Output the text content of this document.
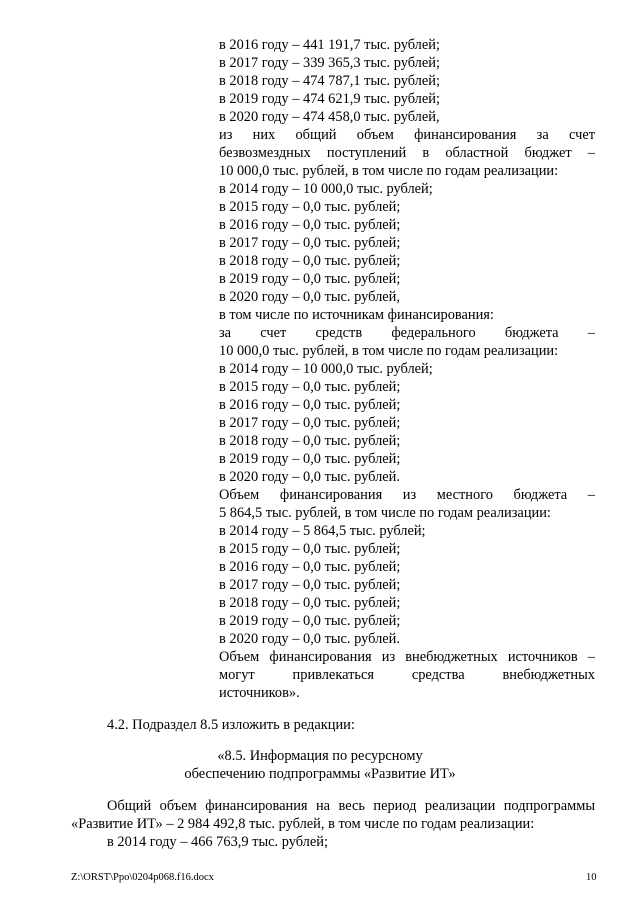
в 2016 году – 441 191,7 тыс. рублей;
в 2017 году – 339 365,3 тыс. рублей;
в 2018 году – 474 787,1 тыс. рублей;
в 2019 году – 474 621,9 тыс. рублей;
в 2020 году – 474 458,0 тыс. рублей,
из них общий объем финансирования за счет
безвозмездных поступлений в областной бюджет –
10 000,0 тыс. рублей, в том числе по годам реализации:
в 2014 году – 10 000,0 тыс. рублей;
в 2015 году – 0,0 тыс. рублей;
в 2016 году – 0,0 тыс. рублей;
в 2017 году – 0,0 тыс. рублей;
в 2018 году – 0,0 тыс. рублей;
в 2019 году – 0,0 тыс. рублей;
в 2020 году – 0,0 тыс. рублей,
в том числе по источникам финансирования:
за счет средств федерального бюджета –
10 000,0 тыс. рублей, в том числе по годам реализации:
в 2014 году – 10 000,0 тыс. рублей;
в 2015 году – 0,0 тыс. рублей;
в 2016 году – 0,0 тыс. рублей;
в 2017 году – 0,0 тыс. рублей;
в 2018 году – 0,0 тыс. рублей;
в 2019 году – 0,0 тыс. рублей;
в 2020 году – 0,0 тыс. рублей.
Объем финансирования из местного бюджета –
5 864,5 тыс. рублей, в том числе по годам реализации:
в 2014 году – 5 864,5 тыс. рублей;
в 2015 году – 0,0 тыс. рублей;
в 2016 году – 0,0 тыс. рублей;
в 2017 году – 0,0 тыс. рублей;
в 2018 году – 0,0 тыс. рублей;
в 2019 году – 0,0 тыс. рублей;
в 2020 году – 0,0 тыс. рублей.
Объем финансирования из внебюджетных источников –
могут привлекаться средства внебюджетных
источников».
4.2. Подраздел 8.5 изложить в редакции:
«8.5. Информация по ресурсному
обеспечению подпрограммы «Развитие ИТ»
Общий объем финансирования на весь период реализации подпрограммы
«Развитие ИТ» – 2 984 492,8 тыс. рублей, в том числе по годам реализации:
в 2014 году – 466 763,9 тыс. рублей;
Z:\ORST\Ppo\0204p068.f16.docx	10
